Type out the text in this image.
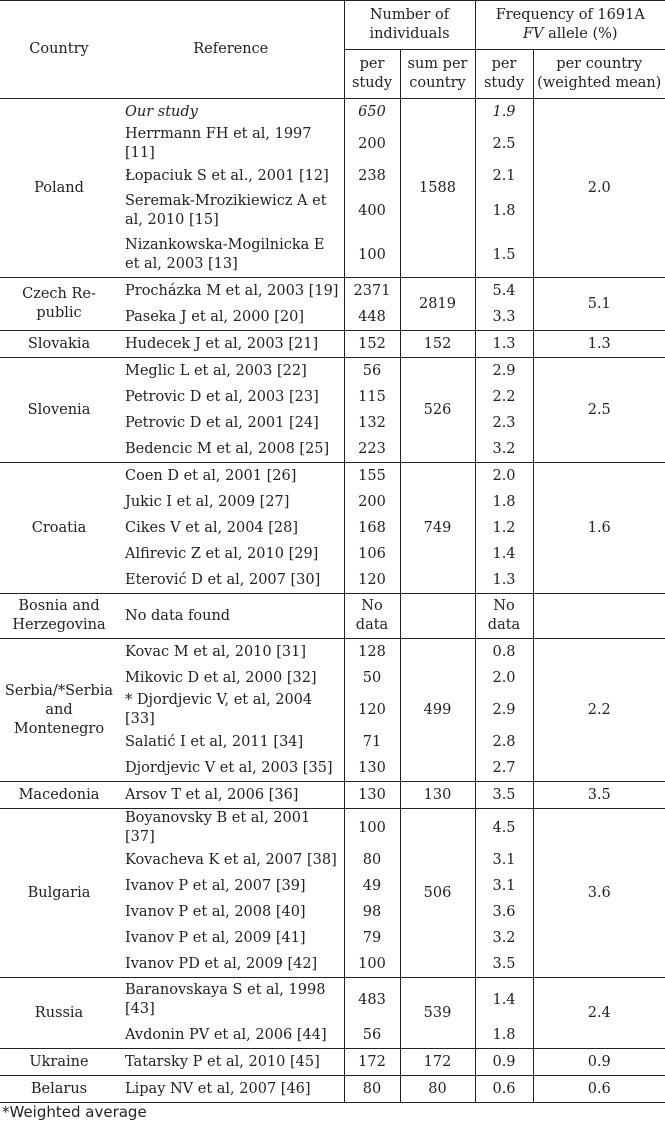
Country	Reference	Number of individuals		Frequency of 1691A
FV allele (%)	
		per study	sum per country	per study	per country (weighted mean)
Poland	Our study	650	1588	1.9	2.0
	Herrmann FH et al, 1997 [11]	200		2.5	
	Łopaciuk S et al., 2001 [12]	238		2.1	
	Seremak-Mrozikiewicz A et al, 2010 [15]	400		1.8	
	Nizankowska-Mogilnicka E et al, 2003 [13]	100		1.5	
Czech Re-public	Procházka M et al, 2003 [19]	2371	2819	5.4	5.1
	Paseka J et al, 2000 [20]	448		3.3	
Slovakia	Hudecek J et al, 2003 [21]	152	152	1.3	1.3
Slovenia	Meglic L et al, 2003 [22]	56	526	2.9	2.5
	Petrovic D et al, 2003 [23]	115		2.2	
	Petrovic D et al, 2001 [24]	132		2.3	
	Bedencic M et al, 2008 [25]	223		3.2	
Croatia	Coen D et al, 2001 [26]	155	749	2.0	1.6
	Jukic I et al, 2009 [27]	200		1.8	
	Cikes V et al, 2004 [28]	168		1.2	
	Alfirevic Z et al, 2010 [29]	106		1.4	
	Eterović D et al, 2007 [30]	120		1.3	
Bosnia and Herzegovina	No data found	No data		No data	
Serbia/*Serbia and Montenegro	Kovac M et al, 2010 [31]	128	499	0.8	2.2
	Mikovic D et al, 2000 [32]	50		2.0	
	* Djordjevic V, et al, 2004 [33]	120		2.9	
	Salatić I et al, 2011 [34]	71		2.8	
	Djordjevic V et al, 2003 [35]	130		2.7	
Macedonia	Arsov T et al, 2006 [36]	130	130	3.5	3.5
Bulgaria	Boyanovsky B et al, 2001 [37]	100	506	4.5	3.6
	Kovacheva K et al, 2007 [38]	80		3.1	
	Ivanov P et al, 2007 [39]	49		3.1	
	Ivanov P et al, 2008 [40]	98		3.6	
	Ivanov P et al, 2009 [41]	79		3.2	
	Ivanov PD et al, 2009 [42]	100		3.5	
Russia	Baranovskaya S et al, 1998 [43]	483	539	1.4	2.4
	Avdonin PV et al, 2006 [44]	56		1.8	
Ukraine	Tatarsky P et al, 2010 [45]	172	172	0.9	0.9
Belarus	Lipay NV et al, 2007 [46]	80	80	0.6	0.6
*Weighted average
